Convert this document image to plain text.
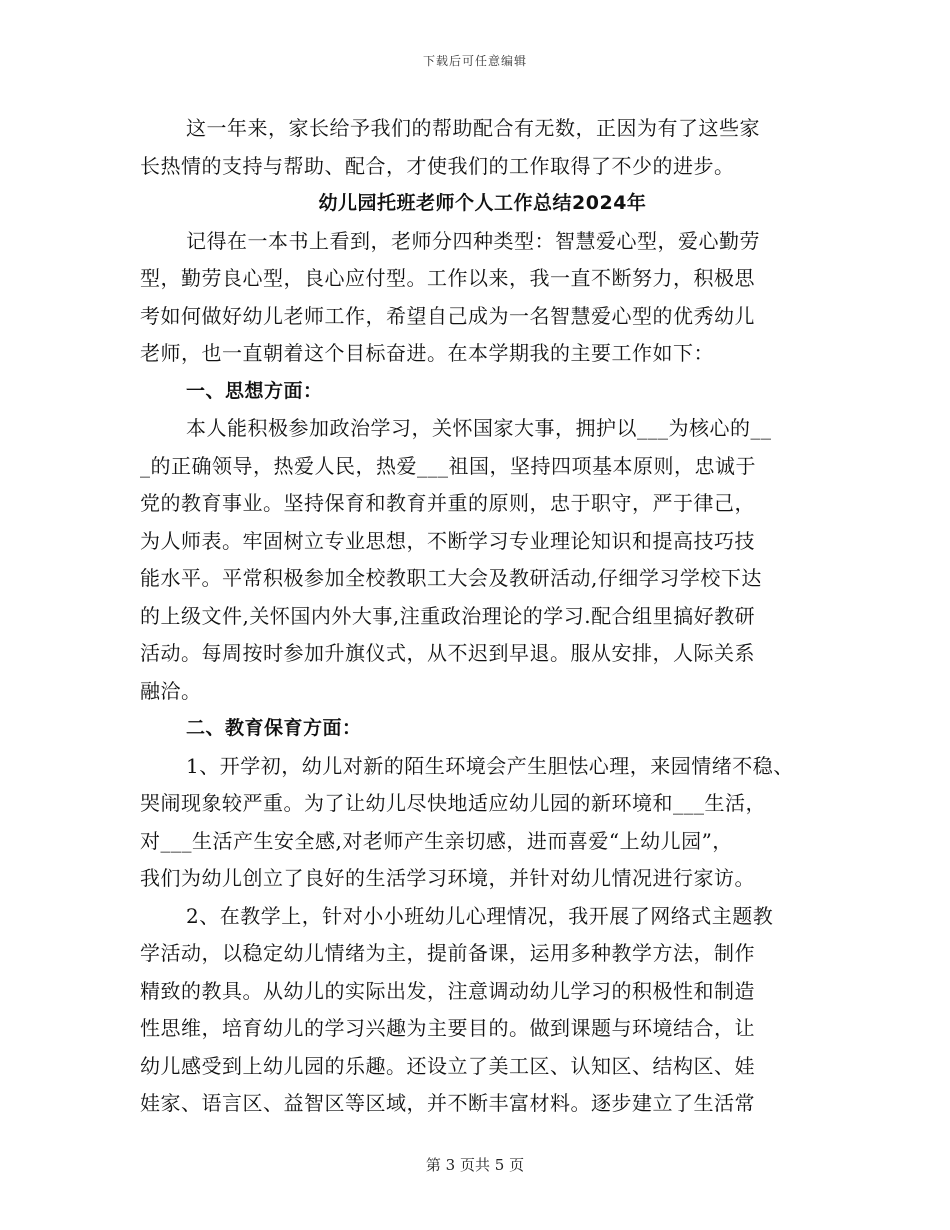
下载后可任意编辑
这一年来，家长给予我们的帮助配合有无数，正因为有了这些家
长热情的支持与帮助、配合，才使我们的工作取得了不少的进步。
幼儿园托班老师个人工作总结2024年
记得在一本书上看到，老师分四种类型：智慧爱心型，爱心勤劳
型，勤劳良心型，良心应付型。工作以来，我一直不断努力，积极思
考如何做好幼儿老师工作，希望自己成为一名智慧爱心型的优秀幼儿
老师，也一直朝着这个目标奋进。在本学期我的主要工作如下：
一、思想方面：
本人能积极参加政治学习，关怀国家大事，拥护以___为核心的__
_的正确领导，热爱人民，热爱___祖国，坚持四项基本原则，忠诚于
党的教育事业。坚持保育和教育并重的原则，忠于职守，严于律己，
为人师表。牢固树立专业思想，不断学习专业理论知识和提高技巧技
能水平。平常积极参加全校教职工大会及教研活动,仔细学习学校下达
的上级文件,关怀国内外大事,注重政治理论的学习.配合组里搞好教研
活动。每周按时参加升旗仪式，从不迟到早退。服从安排，人际关系
融洽。
二、教育保育方面：
1、开学初，幼儿对新的陌生环境会产生胆怯心理，来园情绪不稳、
哭闹现象较严重。为了让幼儿尽快地适应幼儿园的新环境和___生活，
对___生活产生安全感,对老师产生亲切感，进而喜爱“上幼儿园”，
我们为幼儿创立了良好的生活学习环境，并针对幼儿情况进行家访。
2、在教学上，针对小小班幼儿心理情况，我开展了网络式主题教
学活动，以稳定幼儿情绪为主，提前备课，运用多种教学方法，制作
精致的教具。从幼儿的实际出发，注意调动幼儿学习的积极性和制造
性思维，培育幼儿的学习兴趣为主要目的。做到课题与环境结合，让
幼儿感受到上幼儿园的乐趣。还设立了美工区、认知区、结构区、娃
娃家、语言区、益智区等区域，并不断丰富材料。逐步建立了生活常
第 3 页共 5 页
